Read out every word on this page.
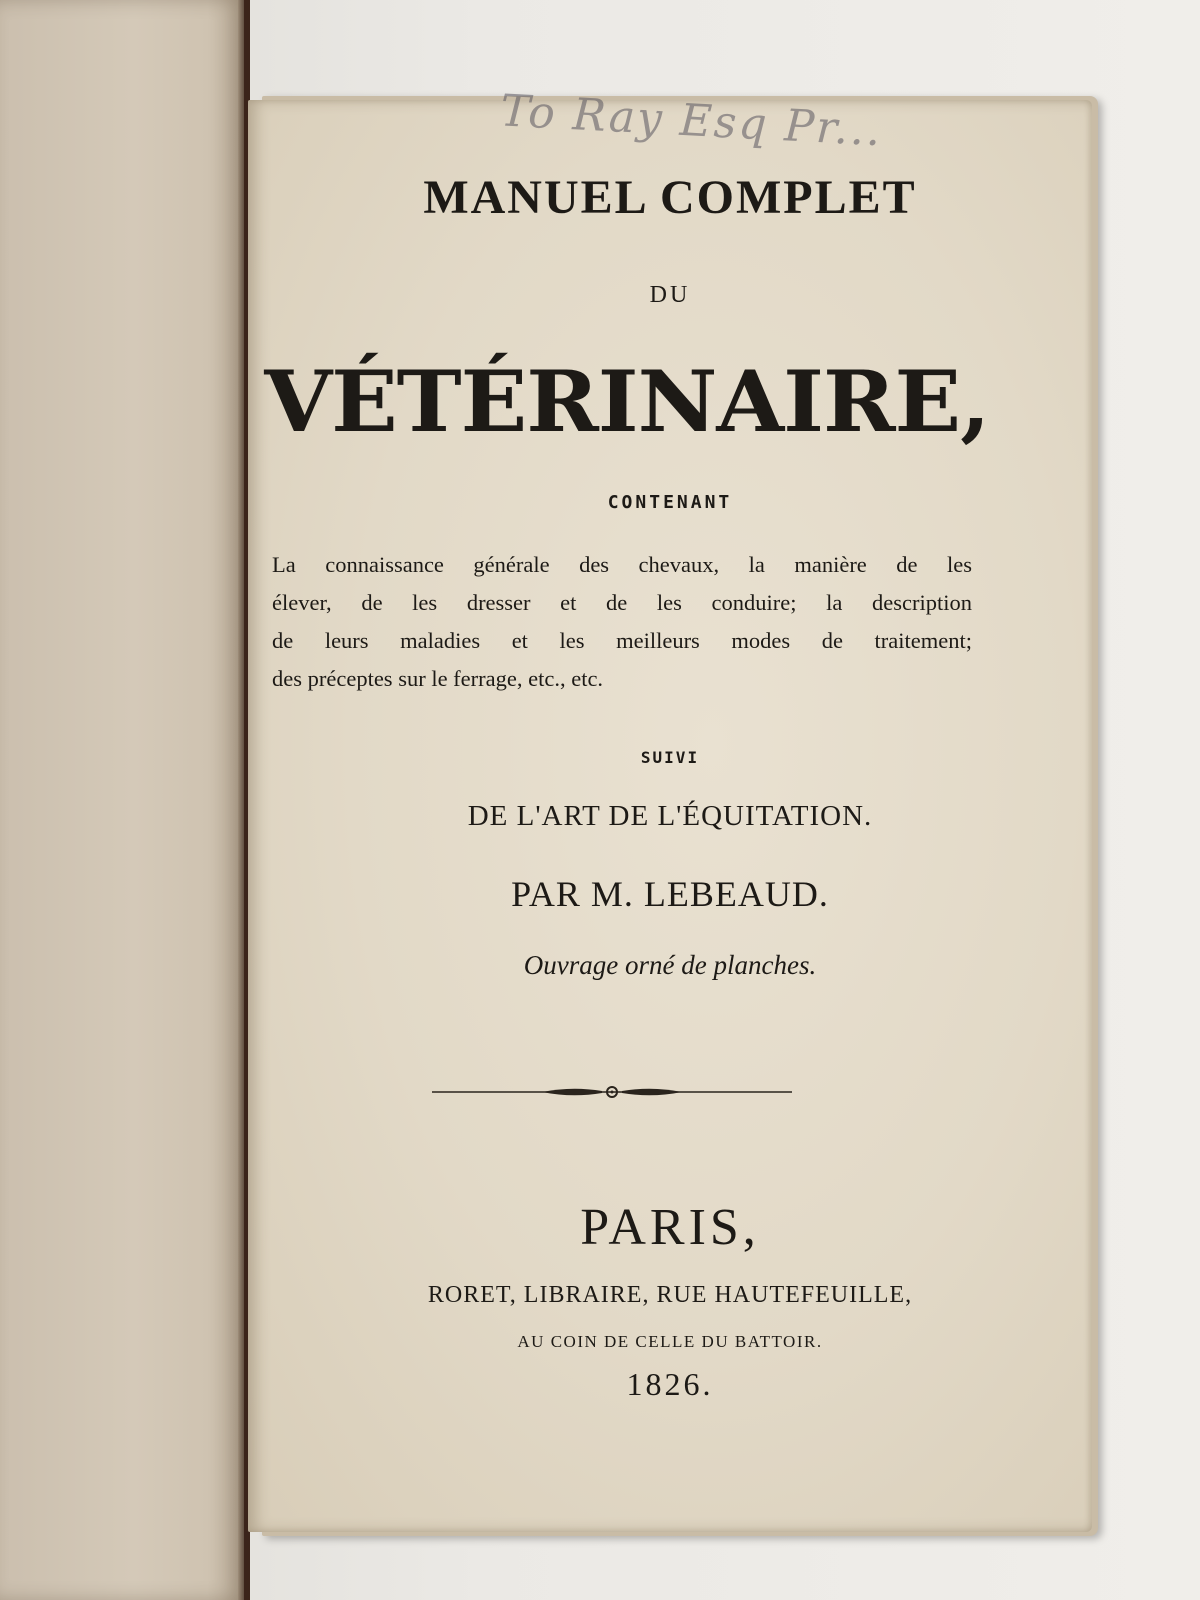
To Ray Esq Pr...
MANUEL COMPLET
DU
VÉTÉRINAIRE,
CONTENANT
La connaissance générale des chevaux, la manière de les
élever, de les dresser et de les conduire; la description
de leurs maladies et les meilleurs modes de traitement;
des préceptes sur le ferrage, etc., etc.
SUIVI
DE L'ART DE L'ÉQUITATION.
PAR M. LEBEAUD.
Ouvrage orné de planches.
PARIS,
RORET, LIBRAIRE, RUE HAUTEFEUILLE,
AU COIN DE CELLE DU BATTOIR.
1826.
